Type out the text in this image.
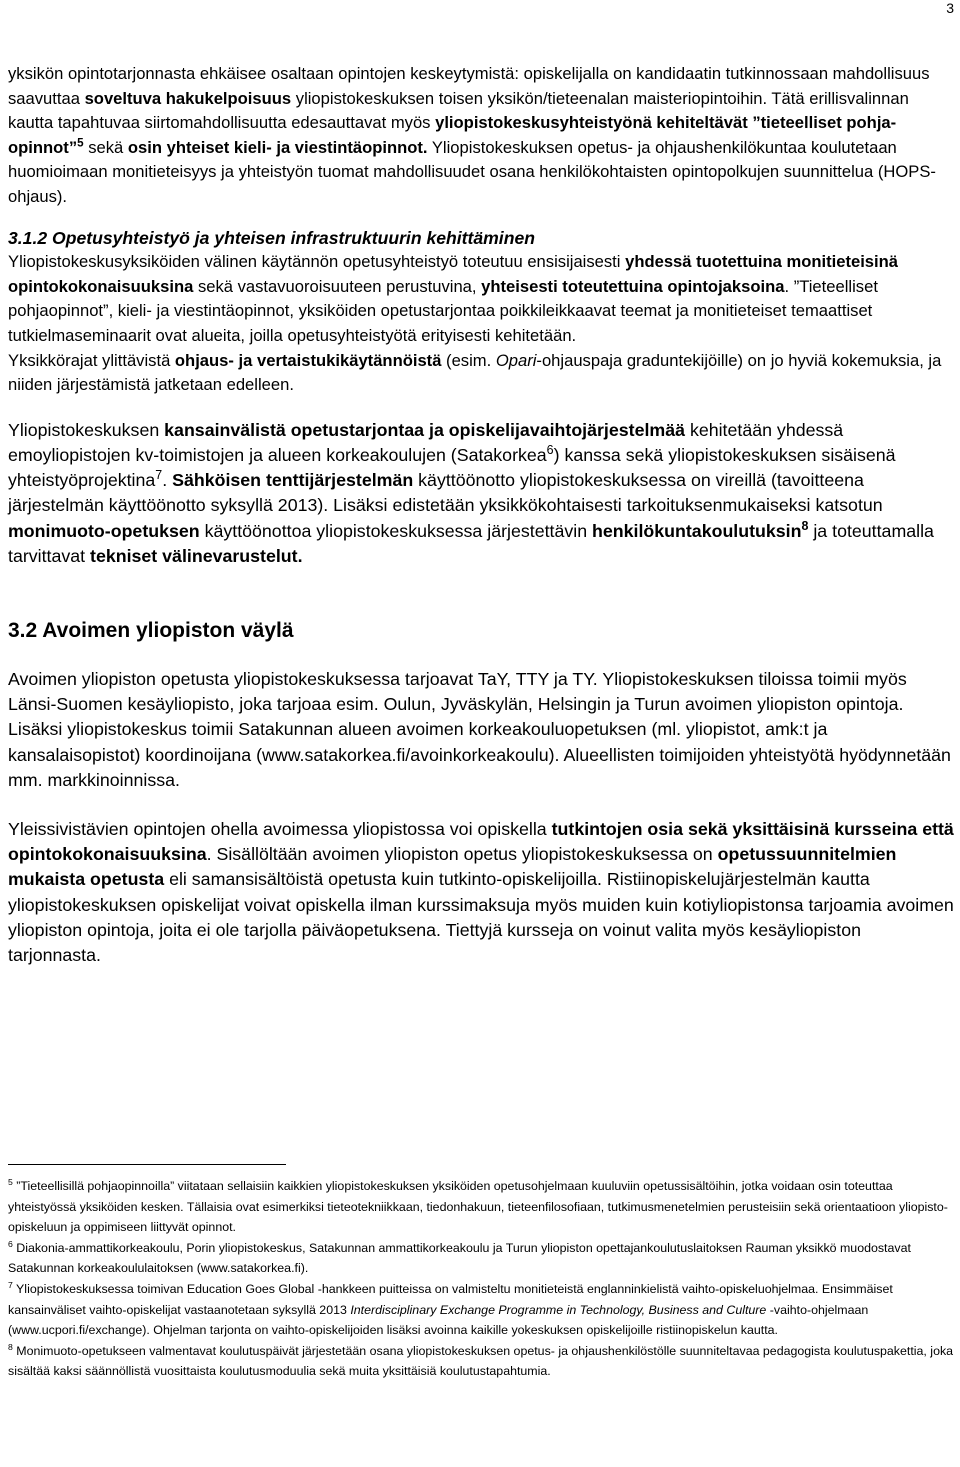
3

yksikön opintotarjonnasta ehkäisee osaltaan opintojen keskeytymistä: opiskelijalla on kandidaatin tutkinnossaan mahdollisuus saavuttaa soveltuva hakukelpoisuus yliopistokeskuksen toisen yksikön/tieteenalan maisteriopintoihin. Tätä erillisvalinnan kautta tapahtuvaa siirtomahdollisuutta edesauttavat myös yliopistokeskusyhteistyönä kehiteltävät ”tieteelliset pohja-opinnot”$^5$ sekä osin yhteiset kieli- ja viestintäopinnot. Yliopistokeskuksen opetus- ja ohjaushenkilökuntaa koulutetaan huomioimaan monitieteisyys ja yhteistyön tuomat mahdollisuudet osana henkilökohtaisten opintopolkujen suunnittelua (HOPS-ohjaus).

3.1.2 Opetusyhteistyö ja yhteisen infrastruktuurin kehittäminen

Yliopistokeskusyksiköiden välinen käytännön opetusyhteistyö toteutuu ensisijaisesti yhdessä tuotettuina monitieteisinä opintokokonaisuuksina sekä vastavuoroisuuteen perustuvina, yhteisesti toteutettuina opintojaksoina. ”Tieteelliset pohjaopinnot”, kieli- ja viestintäopinnot, yksiköiden opetustarjontaa poikkileikkaavat teemat ja monitieteiset temaattiset tutkielmaseminaarit ovat alueita, joilla opetusyhteistyötä erityisesti kehitetään.

Yksikkörajat ylittävistä ohjaus- ja vertaistukikäytännöistä (esim. Opari-ohjauspaja graduntekijöille) on jo hyviä kokemuksia, ja niiden järjestämistä jatketaan edelleen.

Yliopistokeskuksen kansainvälistä opetustarjontaa ja opiskelijavaihtojärjestelmää kehitetään yhdessä emoyliopistojen kv-toimistojen ja alueen korkeakoulujen (Satakorkea$^6$) kanssa sekä yliopistokeskuksen sisäisenä yhteistyöprojektina$^7$. Sähköisen tenttijärjestelmän käyttöönotto yliopistokeskuksessa on vireillä (tavoitteena järjestelmän käyttöönotto syksyllä 2013). Lisäksi edistetään yksikkökohtaisesti tarkoituksenmukaiseksi katsotun monimuoto-opetuksen käyttöönottoa yliopistokeskuksessa järjestettävin henkilökuntakoulutuksin$^8$ ja toteuttamalla tarvittavat tekniset välinevarustelut.

3.2 Avoimen yliopiston väylä

Avoimen yliopiston opetusta yliopistokeskuksessa tarjoavat TaY, TTY ja TY. Yliopistokeskuksen tiloissa toimii myös Länsi-Suomen kesäyliopisto, joka tarjoaa esim. Oulun, Jyväskylän, Helsingin ja Turun avoimen yliopiston opintoja. Lisäksi yliopistokeskus toimii Satakunnan alueen avoimen korkeakouluopetuksen (ml. yliopistot, amk:t ja kansalaisopistot) koordinoijana (www.satakorkea.fi/avoinkorkeakoulu). Alueellisten toimijoiden yhteistyötä hyödynnetään mm. markkinoinnissa.

Yleissivistävien opintojen ohella avoimessa yliopistossa voi opiskella tutkintojen osia sekä yksittäisinä kursseina että opintokokonaisuuksina. Sisällöltään avoimen yliopiston opetus yliopistokeskuksessa on opetussuunnitelmien mukaista opetusta eli samansisältöistä opetusta kuin tutkinto-opiskelijoilla. Ristiinopiskelujärjestelmän kautta yliopistokeskuksen opiskelijat voivat opiskella ilman kurssimaksuja myös muiden kuin kotiyliopistonsa tarjoamia avoimen yliopiston opintoja, joita ei ole tarjolla päiväopetuksena. Tiettyjä kursseja on voinut valita myös kesäyliopiston tarjonnasta.

$^5$ ”Tieteellisillä pohjaopinnoilla” viitataan sellaisiin kaikkien yliopistokeskuksen yksiköiden opetusohjelmaan kuuluviin opetussisältöihin, jotka voidaan osin toteuttaa yhteistyössä yksiköiden kesken. Tällaisia ovat esimerkiksi tieteotekniikkaan, tiedonhakuun, tieteenfilosofiaan, tutkimusmenetelmien perusteisiin sekä orientaatioon yliopisto-opiskeluun ja oppimiseen liittyvät opinnot.

$^6$ Diakonia-ammattikorkeakoulu, Porin yliopistokeskus, Satakunnan ammattikorkeakoulu ja Turun yliopiston opettajankoulutuslaitoksen Rauman yksikkö muodostavat Satakunnan korkeakoululaitoksen (www.satakorkea.fi).

$^7$ Yliopistokeskuksessa toimivan Education Goes Global -hankkeen puitteissa on valmisteltu monitieteistä englanninkielistä vaihto-opiskeluohjelmaa. Ensimmäiset kansainväliset vaihto-opiskelijat vastaanotetaan syksyllä 2013 Interdisciplinary Exchange Programme in Technology, Business and Culture -vaihto-ohjelmaan (www.ucpori.fi/exchange). Ohjelman tarjonta on vaihto-opiskelijoiden lisäksi avoinna kaikille yokeskuksen opiskelijoille ristiinopiskelun kautta.

$^8$ Monimuoto-opetukseen valmentavat koulutuspäivät järjestetään osana yliopistokeskuksen opetus- ja ohjaushenkilöstölle suunniteltavaa pedagogista koulutuspakettia, joka sisältää kaksi säännöllistä vuosittaista koulutusmoduulia sekä muita yksittäisiä koulutustapahtumia.
